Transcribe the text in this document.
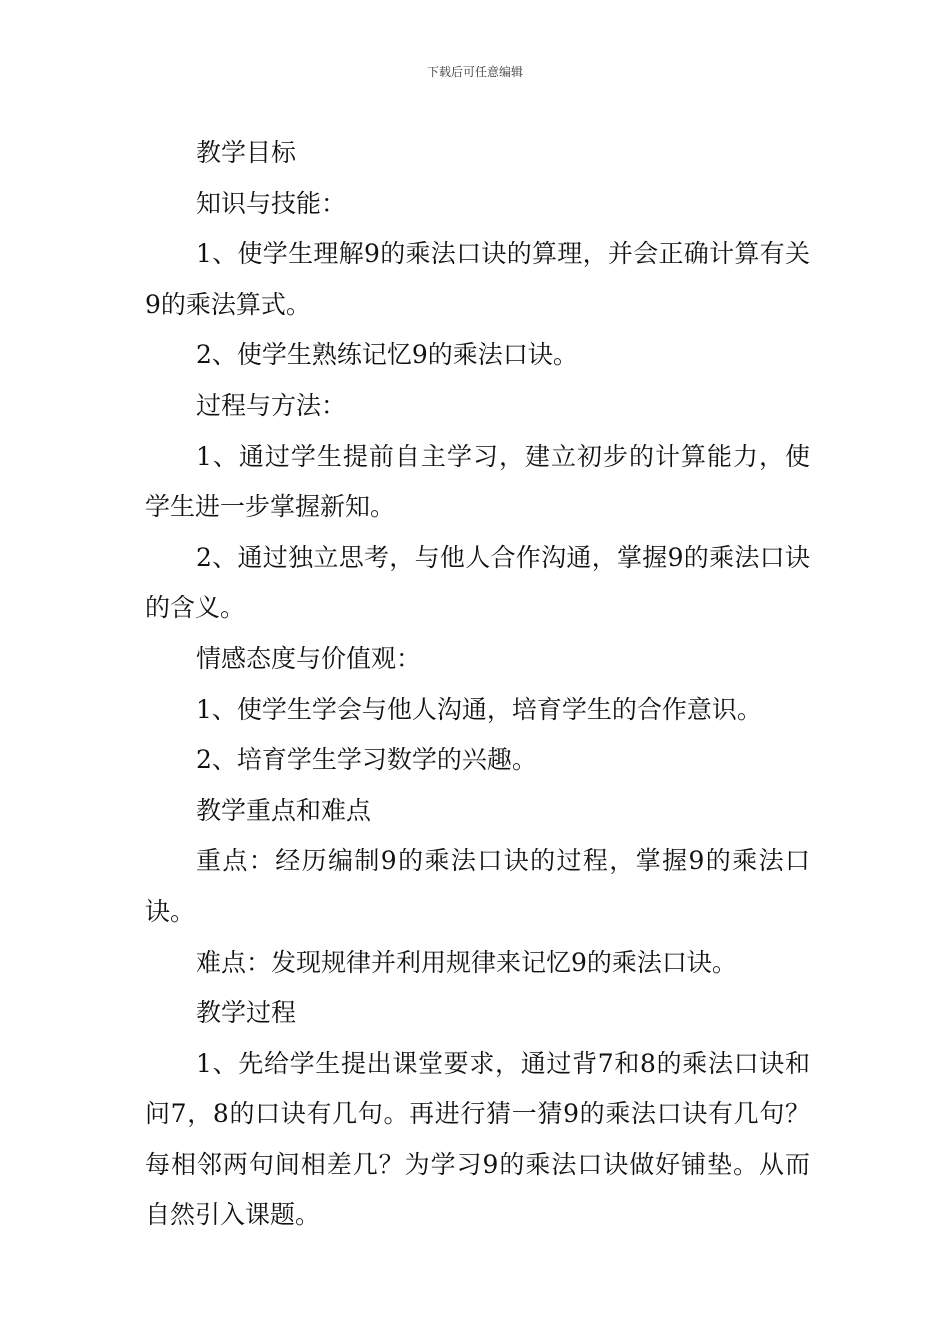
下载后可任意编辑

教学目标

知识与技能：

1、使学生理解9的乘法口诀的算理，并会正确计算有关9的乘法算式。

2、使学生熟练记忆9的乘法口诀。

过程与方法：

1、通过学生提前自主学习，建立初步的计算能力，使学生进一步掌握新知。

2、通过独立思考，与他人合作沟通，掌握9的乘法口诀的含义。

情感态度与价值观：

1、使学生学会与他人沟通，培育学生的合作意识。

2、培育学生学习数学的兴趣。

教学重点和难点

重点：经历编制9的乘法口诀的过程，掌握9的乘法口诀。

难点：发现规律并利用规律来记忆9的乘法口诀。

教学过程

1、先给学生提出课堂要求，通过背7和8的乘法口诀和问7，8的口诀有几句。再进行猜一猜9的乘法口诀有几句？每相邻两句间相差几？为学习9的乘法口诀做好铺垫。从而自然引入课题。
